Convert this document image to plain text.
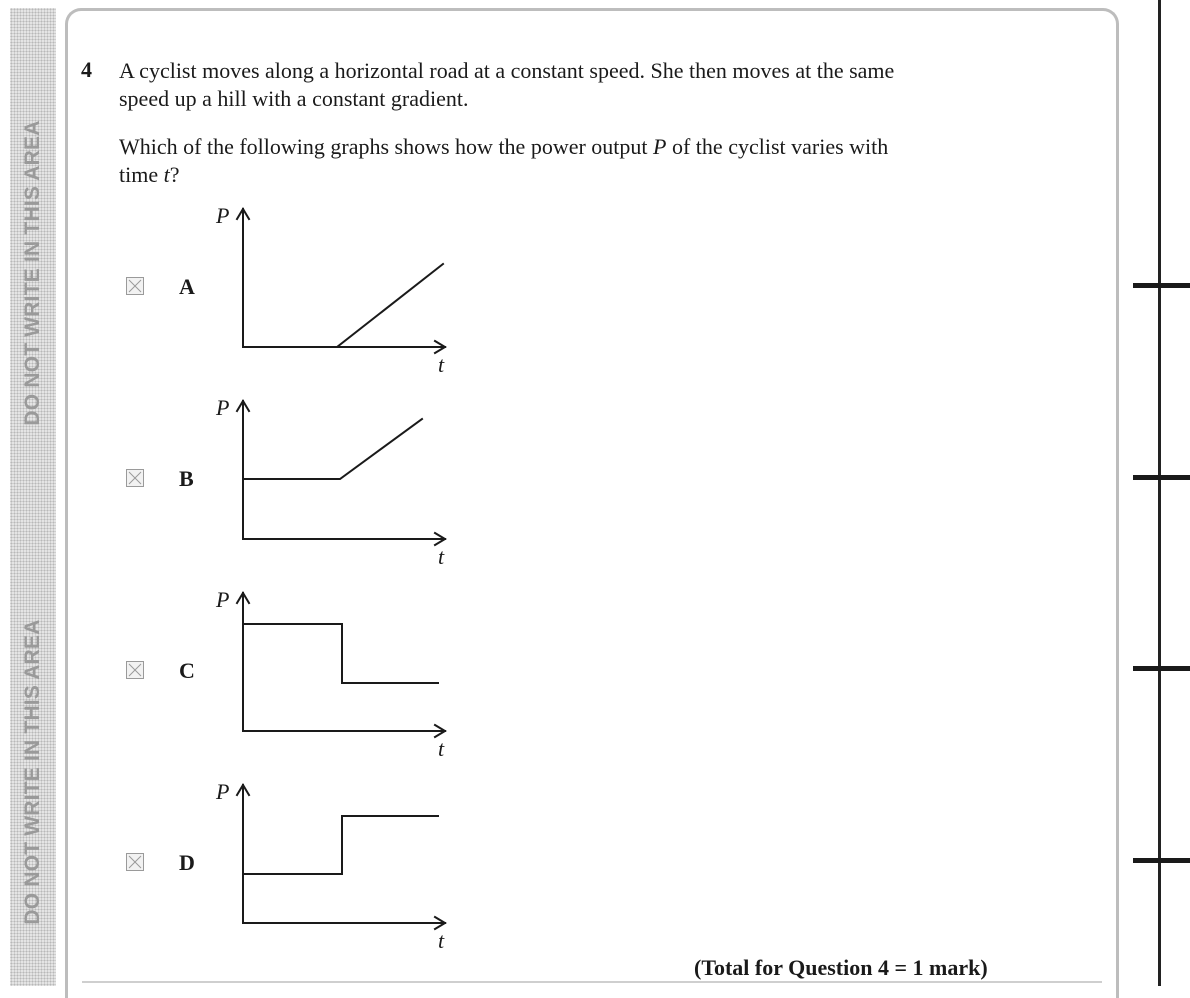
DO NOT WRITE IN THIS AREA
DO NOT WRITE IN THIS AREA
4 A cyclist moves along a horizontal road at a constant speed. She then moves at the same
speed up a hill with a constant gradient.
Which of the following graphs shows how the power output P of the cyclist varies with
time t?
A
P
t
B
P
t
C
P
t
D
P
t
(Total for Question 4 = 1 mark)
